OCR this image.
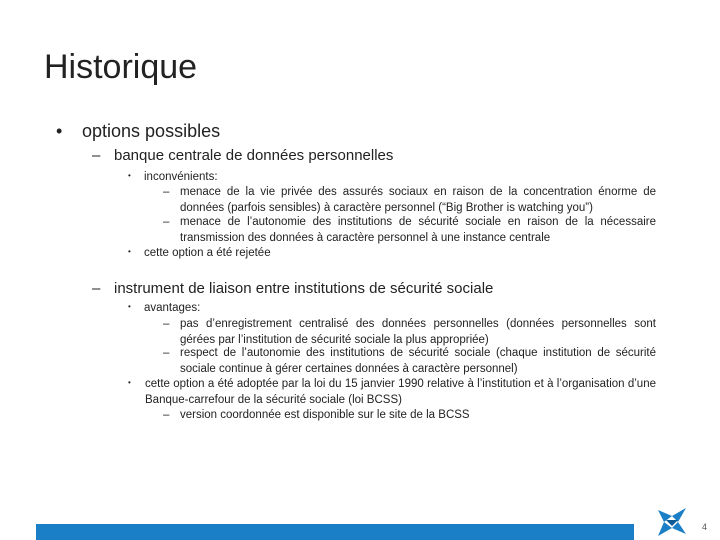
Historique
• options possibles
– banque centrale de données personnelles
• inconvénients:
– menace de la vie privée des assurés sociaux en raison de la concentration énorme de données (parfois sensibles) à caractère personnel (“Big Brother is watching you”)
– menace de l’autonomie des institutions de sécurité sociale en raison de la nécessaire transmission des données à caractère personnel à une instance centrale
• cette option a été rejetée
– instrument de liaison entre institutions de sécurité sociale
• avantages:
– pas d’enregistrement centralisé des données personnelles (données personnelles sont gérées par l’institution de sécurité sociale la plus appropriée)
– respect de l’autonomie des institutions de sécurité sociale (chaque institution de sécurité sociale continue à gérer certaines données à caractère personnel)
• cette option a été adoptée par la loi du 15 janvier 1990 relative à l’institution et à l’organisation d’une Banque-carrefour de la sécurité sociale (loi BCSS)
– version coordonnée est disponible sur le site de la BCSS
4
